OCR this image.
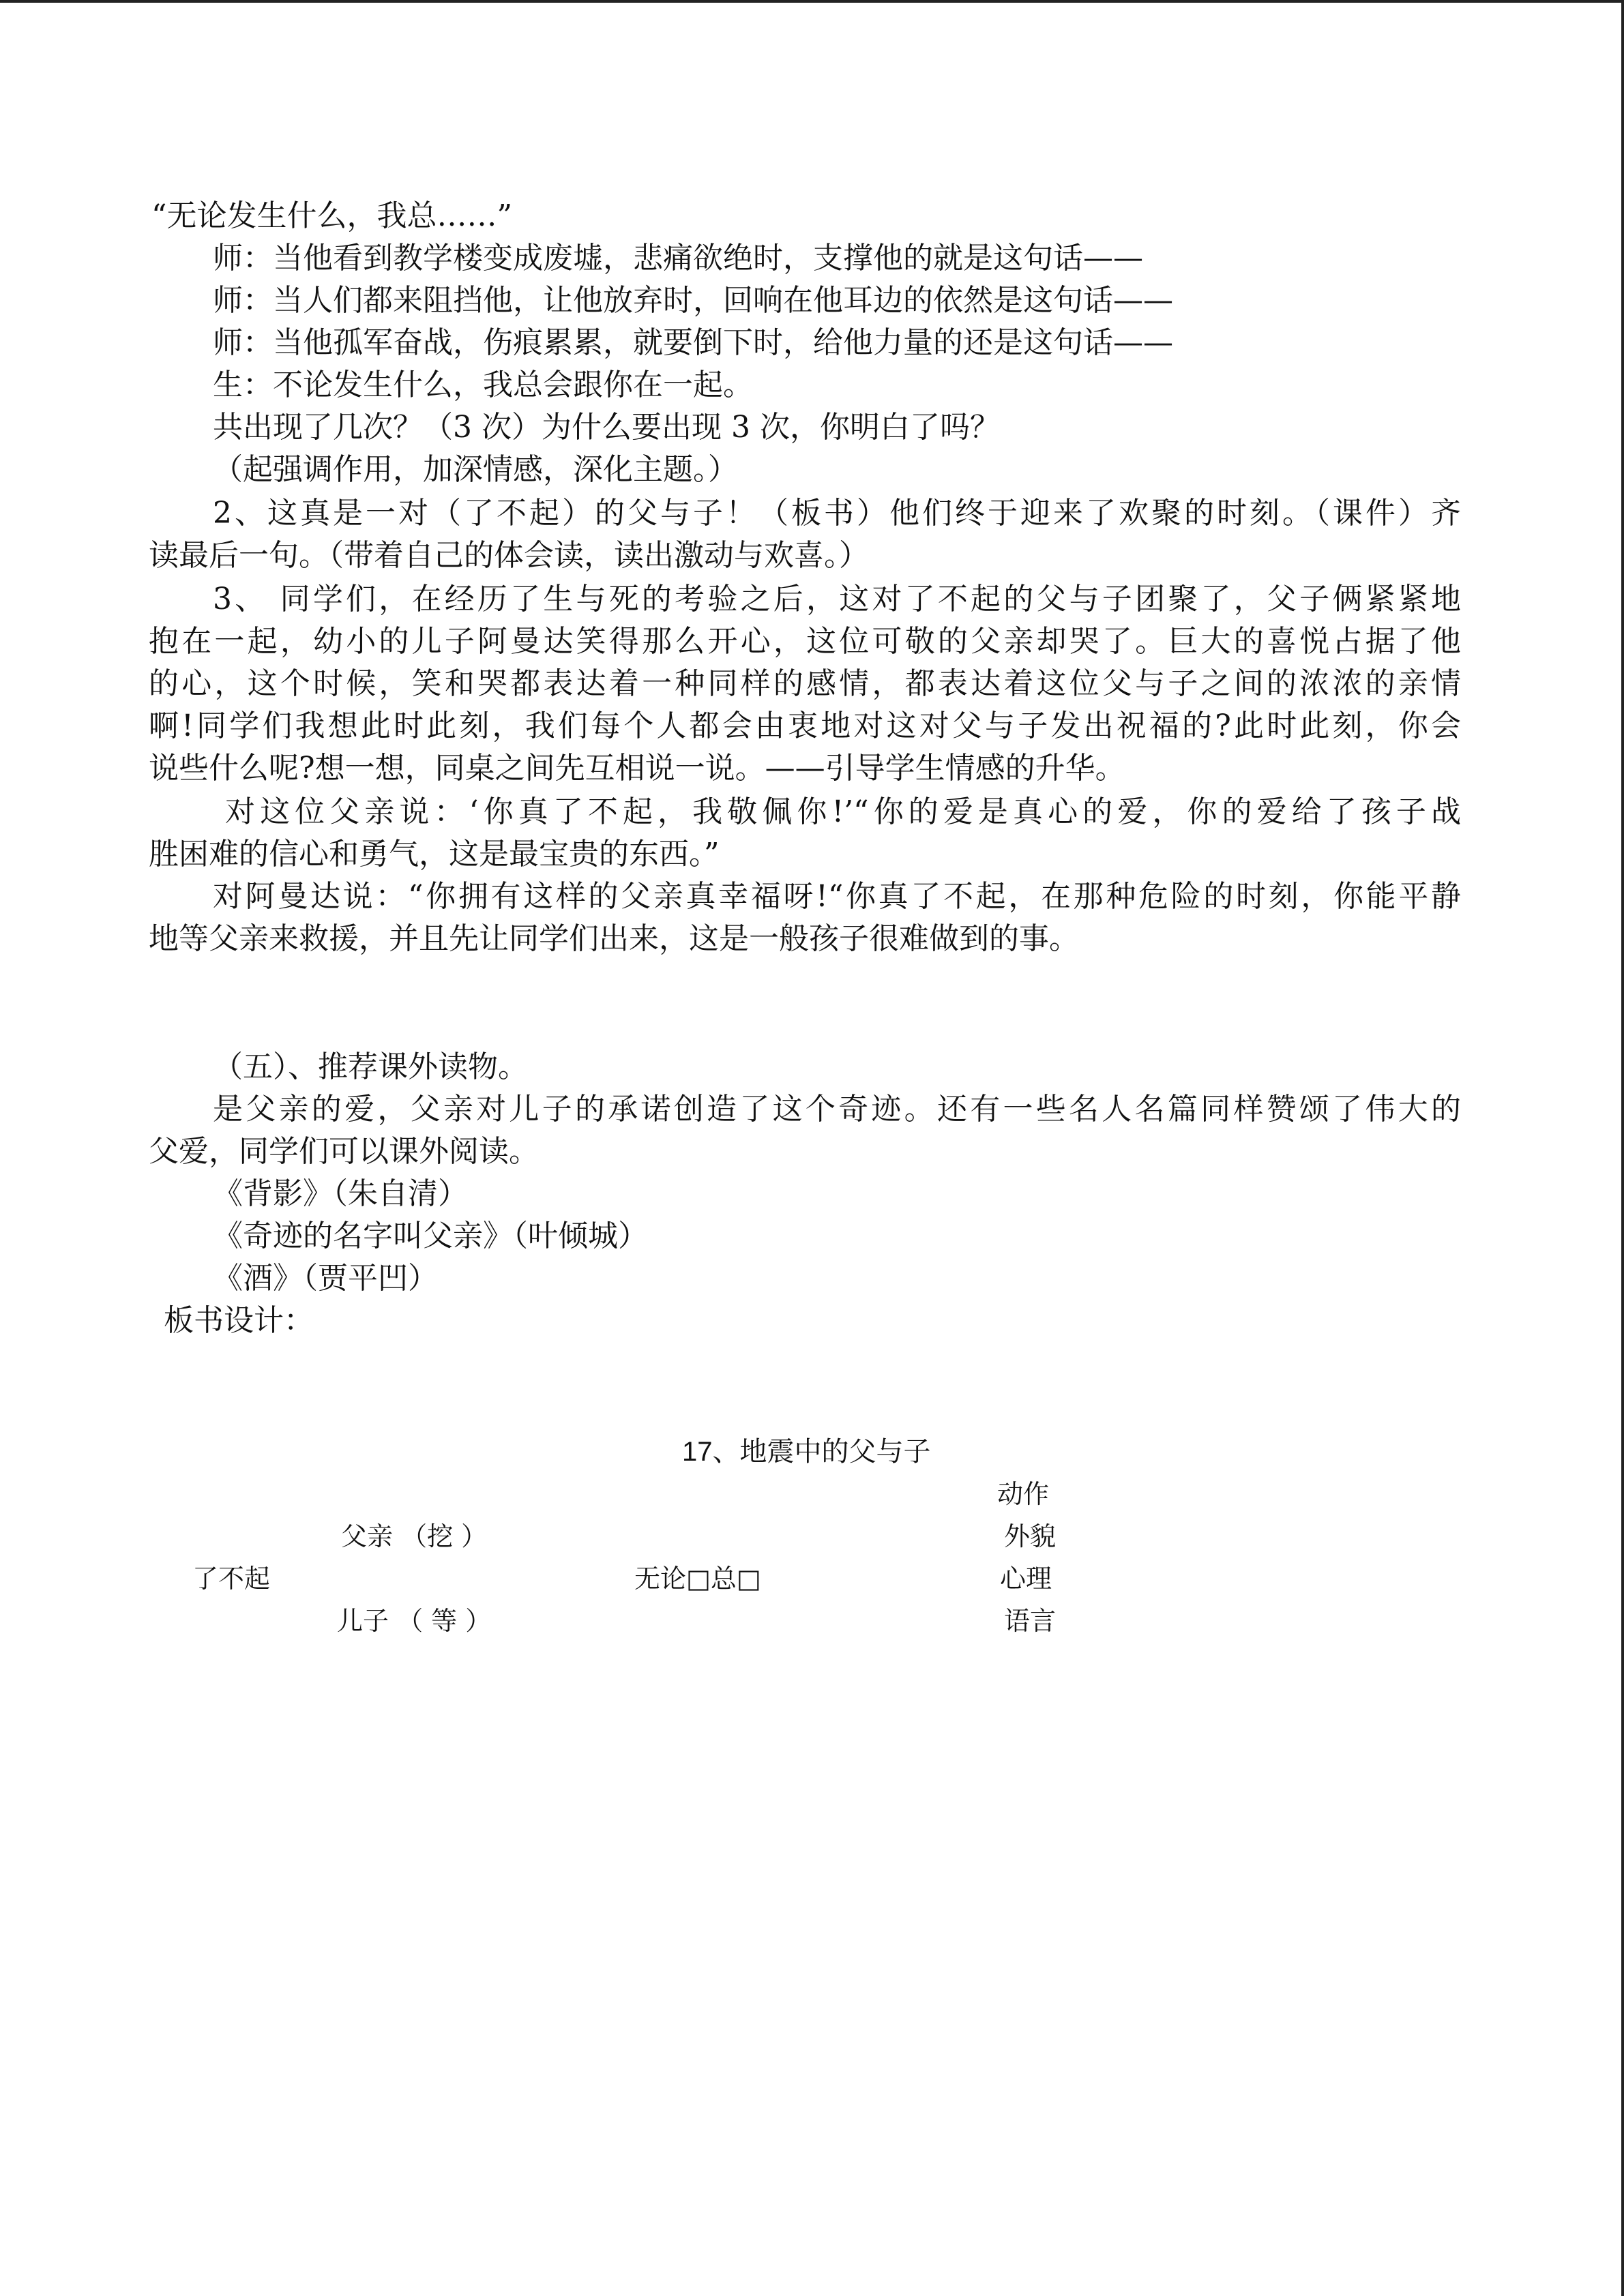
“无论发生什么，我总……”
师：当他看到教学楼变成废墟，悲痛欲绝时，支撑他的就是这句话——
师：当人们都来阻挡他，让他放弃时，回响在他耳边的依然是这句话——
师：当他孤军奋战，伤痕累累，就要倒下时，给他力量的还是这句话——
生：不论发生什么，我总会跟你在一起。
共出现了几次？（3 次）为什么要出现 3 次，你明白了吗？
（起强调作用，加深情感，深化主题。）
2、这真是一对（了不起）的父与子！（板书）他们终于迎来了欢聚的时刻。（课件）齐
读最后一句。（带着自己的体会读，读出激动与欢喜。）
3、 同学们，在经历了生与死的考验之后，这对了不起的父与子团聚了，父子俩紧紧地
抱在一起，幼小的儿子阿曼达笑得那么开心，这位可敬的父亲却哭了。巨大的喜悦占据了他
的心，这个时候，笑和哭都表达着一种同样的感情，都表达着这位父与子之间的浓浓的亲情
啊!同学们我想此时此刻，我们每个人都会由衷地对这对父与子发出祝福的?此时此刻，你会
说些什么呢?想一想，同桌之间先互相说一说。——引导学生情感的升华。
对这位父亲说：‘你真了不起，我敬佩你!’“你的爱是真心的爱，你的爱给了孩子战
胜困难的信心和勇气，这是最宝贵的东西。”
对阿曼达说：“你拥有这样的父亲真幸福呀!“你真了不起，在那种危险的时刻，你能平静
地等父亲来救援，并且先让同学们出来，这是一般孩子很难做到的事。
（五）、推荐课外读物。
是父亲的爱，父亲对儿子的承诺创造了这个奇迹。还有一些名人名篇同样赞颂了伟大的
父爱，同学们可以课外阅读。
《背影》（朱自清）
《奇迹的名字叫父亲》（叶倾城）
《酒》（贾平凹）
板书设计：
17、地震中的父与子
动作
父亲 （挖 ）	外貌
了不起	无论□总□	心理
儿子 （ 等 ）	语言
